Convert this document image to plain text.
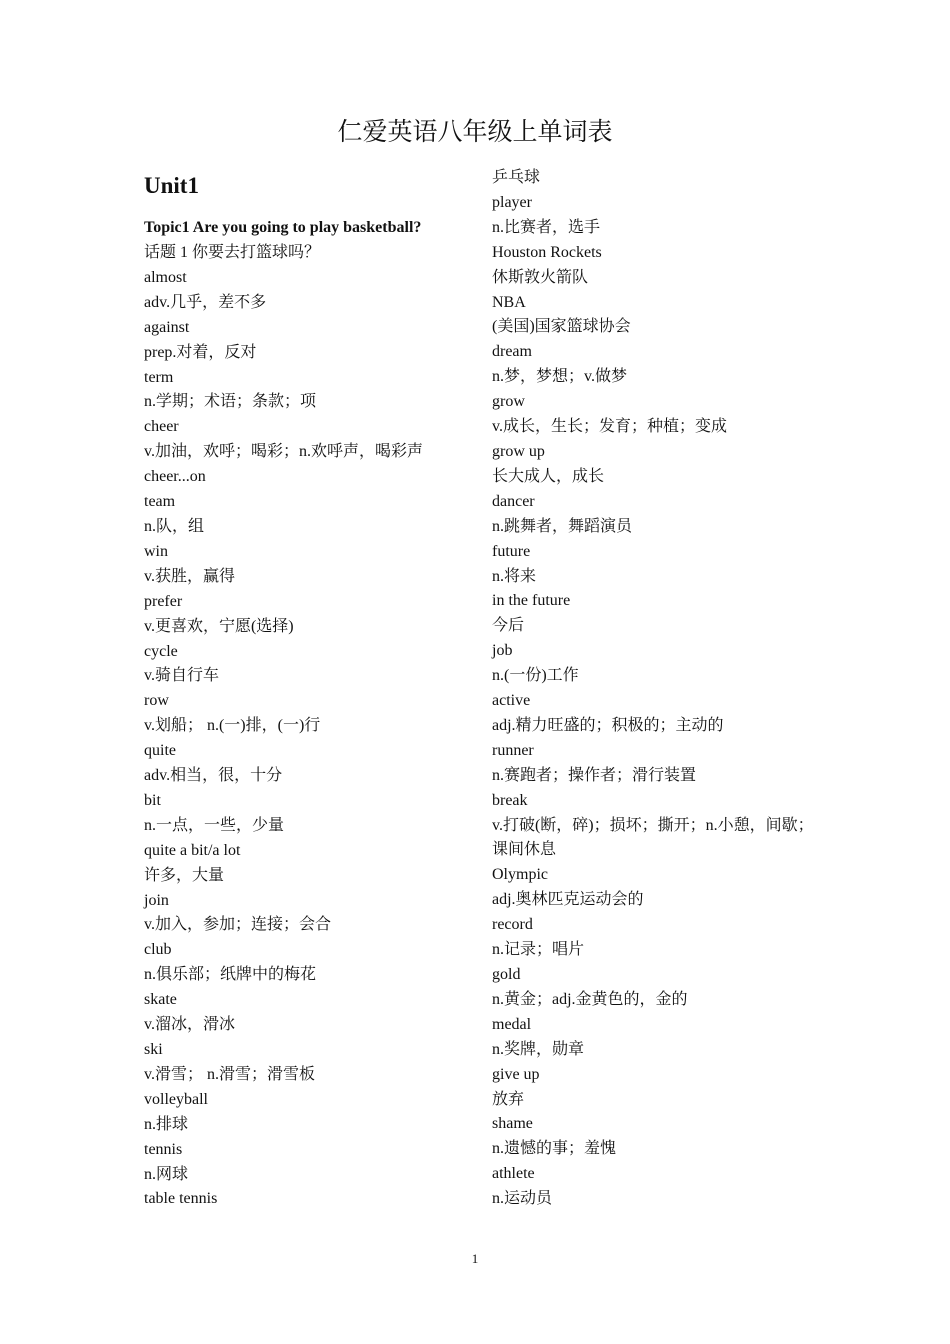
仁爱英语八年级上单词表
Unit1
Topic1 Are you going to play basketball?
话题 1 你要去打篮球吗？
almost
adv.几乎，差不多
against
prep.对着，反对
term
n.学期；术语；条款；项
cheer
v.加油，欢呼；喝彩；n.欢呼声，喝彩声
cheer...on
team
n.队，组
win
v.获胜，赢得
prefer
v.更喜欢，宁愿(选择)
cycle
v.骑自行车
row
v.划船； n.(一)排，(一)行
quite
adv.相当，很，十分
bit
n.一点，一些，少量
quite a bit/a lot
许多，大量
join
v.加入，参加；连接；会合
club
n.俱乐部；纸牌中的梅花
skate
v.溜冰，滑冰
ski
v.滑雪； n.滑雪；滑雪板
volleyball
n.排球
tennis
n.网球
table tennis
乒乓球
player
n.比赛者，选手
Houston Rockets
休斯敦火箭队
NBA
(美国)国家篮球协会
dream
n.梦，梦想；v.做梦
grow
v.成长，生长；发育；种植；变成
grow up
长大成人，成长
dancer
n.跳舞者，舞蹈演员
future
n.将来
in the future
今后
job
n.(一份)工作
active
adj.精力旺盛的；积极的；主动的
runner
n.赛跑者；操作者；滑行装置
break
v.打破(断，碎)；损坏；撕开；n.小憩，间歇；
课间休息
Olympic
adj.奥林匹克运动会的
record
n.记录；唱片
gold
n.黄金；adj.金黄色的，金的
medal
n.奖牌，勋章
give up
放弃
shame
n.遗憾的事；羞愧
athlete
n.运动员
1
